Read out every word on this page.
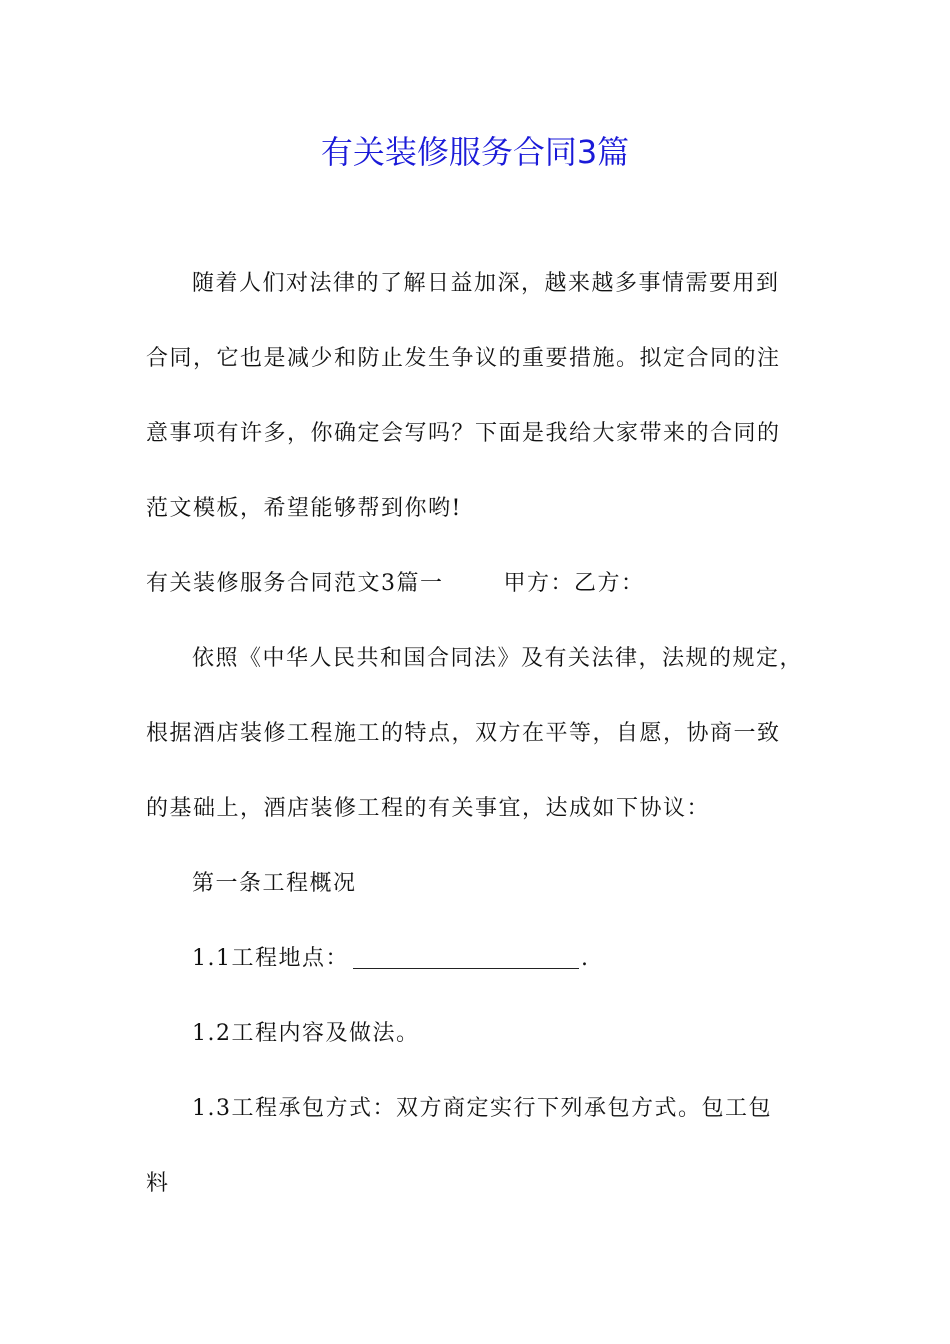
有关装修服务合同3篇

随着人们对法律的了解日益加深，越来越多事情需要用到

合同，它也是减少和防止发生争议的重要措施。拟定合同的注

意事项有许多，你确定会写吗？下面是我给大家带来的合同的

范文模板，希望能够帮到你哟!

有关装修服务合同范文3篇一	甲方：乙方：

依照《中华人民共和国合同法》及有关法律，法规的规定，

根据酒店装修工程施工的特点，双方在平等，自愿，协商一致

的基础上，酒店装修工程的有关事宜，达成如下协议：

第一条工程概况

1.1工程地点：	.

1.2工程内容及做法。

1.3工程承包方式：双方商定实行下列承包方式。包工包

料
